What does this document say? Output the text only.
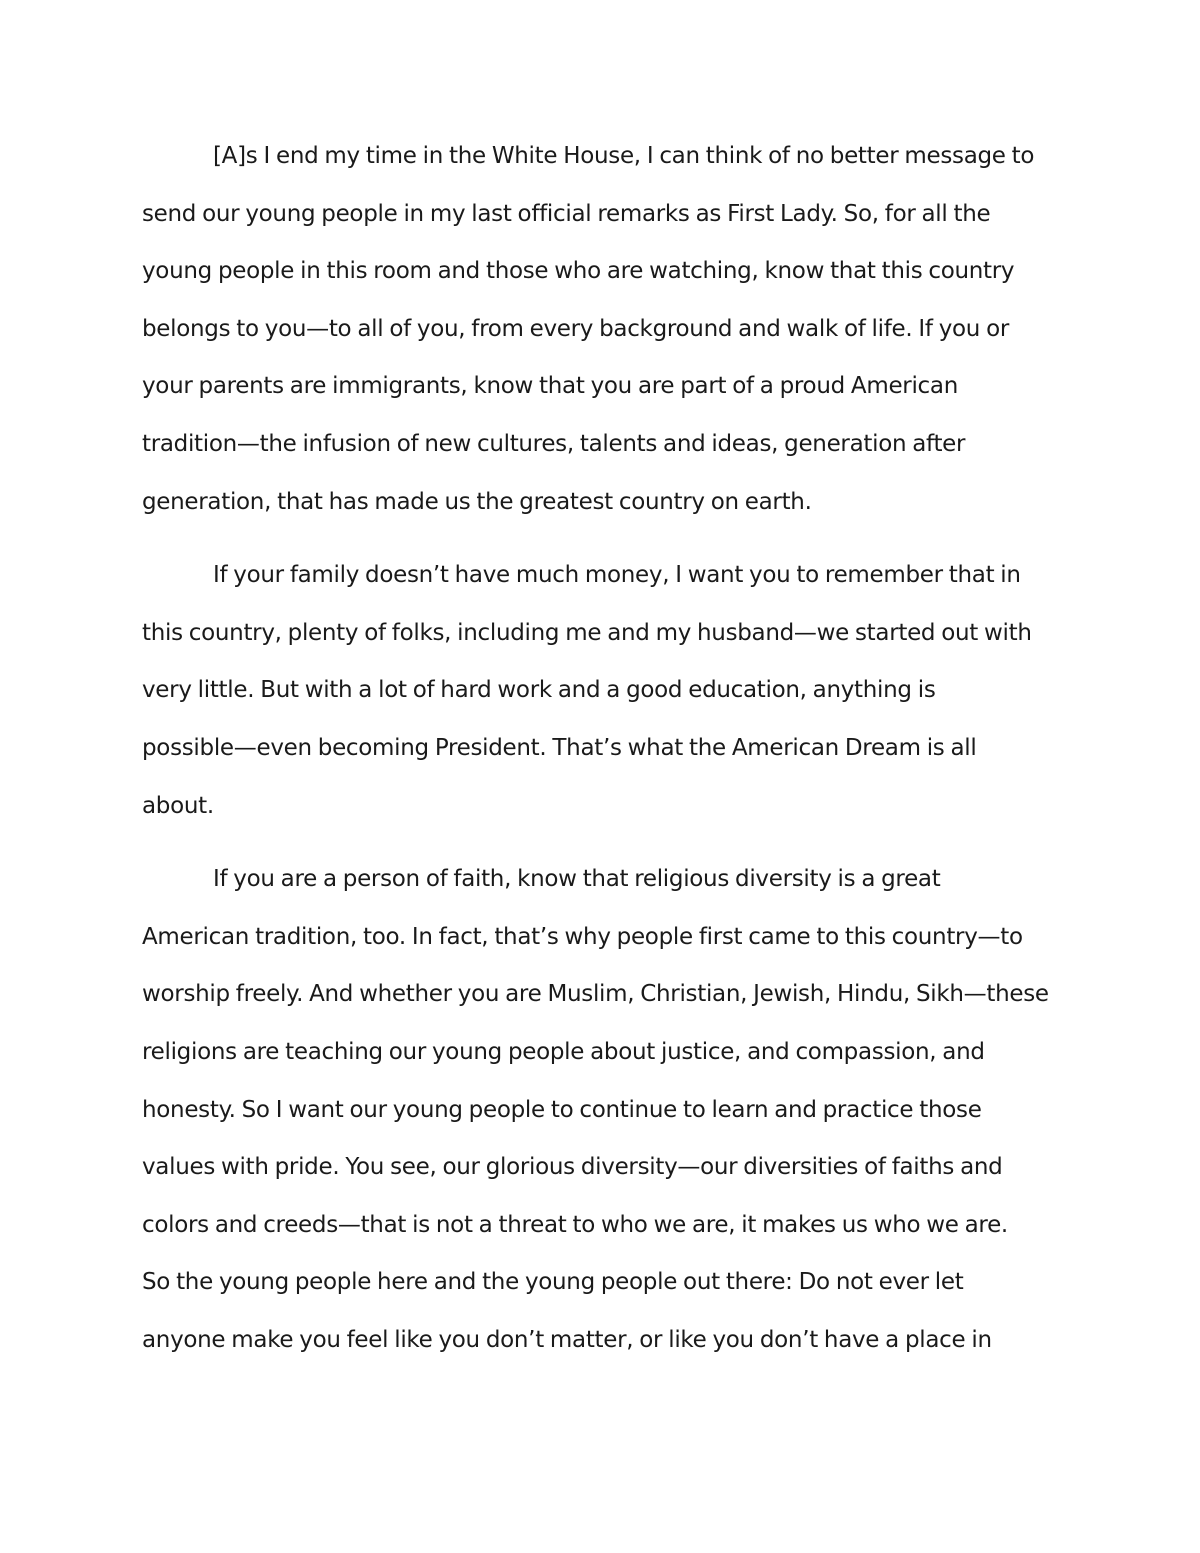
[A]s I end my time in the White House, I can think of no better message to
send our young people in my last official remarks as First Lady. So, for all the
young people in this room and those who are watching, know that this country
belongs to you—to all of you, from every background and walk of life. If you or
your parents are immigrants, know that you are part of a proud American
tradition—the infusion of new cultures, talents and ideas, generation after
generation, that has made us the greatest country on earth.
If your family doesn’t have much money, I want you to remember that in
this country, plenty of folks, including me and my husband—we started out with
very little. But with a lot of hard work and a good education, anything is
possible—even becoming President. That’s what the American Dream is all
about.
If you are a person of faith, know that religious diversity is a great
American tradition, too. In fact, that’s why people first came to this country—to
worship freely. And whether you are Muslim, Christian, Jewish, Hindu, Sikh—these
religions are teaching our young people about justice, and compassion, and
honesty. So I want our young people to continue to learn and practice those
values with pride. You see, our glorious diversity—our diversities of faiths and
colors and creeds—that is not a threat to who we are, it makes us who we are.
So the young people here and the young people out there: Do not ever let
anyone make you feel like you don’t matter, or like you don’t have a place in
